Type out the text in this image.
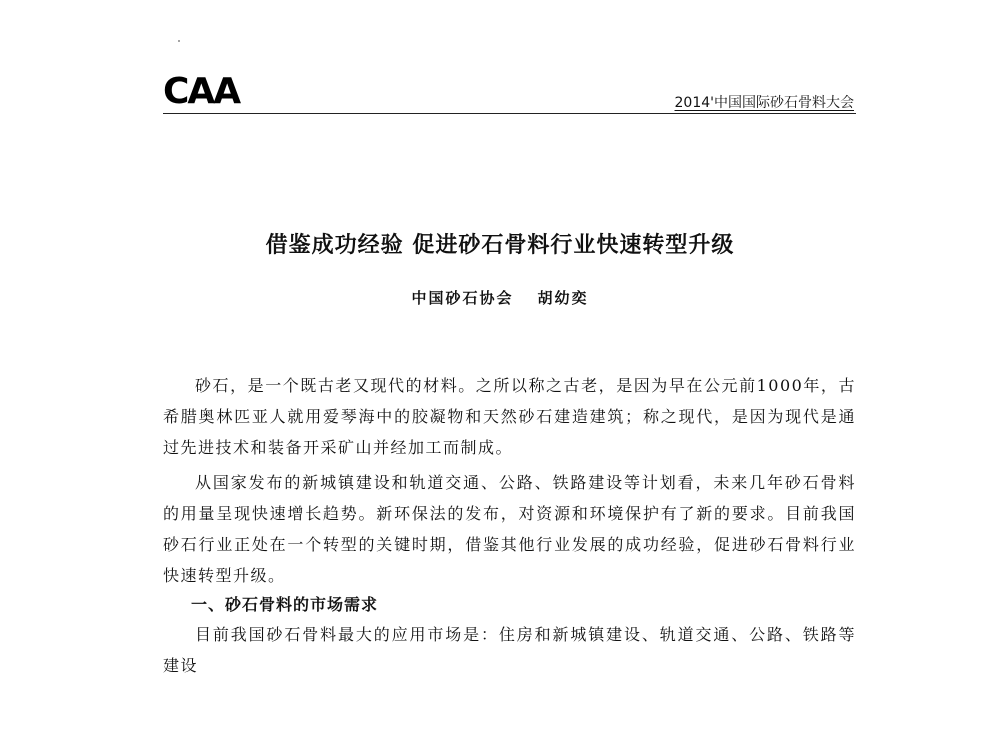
CAA	2014'中国国际砂石骨料大会
借鉴成功经验 促进砂石骨料行业快速转型升级
中国砂石协会 胡幼奕

砂石，是一个既古老又现代的材料。之所以称之古老，是因为早在公元前1000年，古希腊奥林匹亚人就用爱琴海中的胶凝物和天然砂石建造建筑；称之现代，是因为现代是通过先进技术和装备开采矿山并经加工而制成。

从国家发布的新城镇建设和轨道交通、公路、铁路建设等计划看，未来几年砂石骨料的用量呈现快速增长趋势。新环保法的发布，对资源和环境保护有了新的要求。目前我国砂石行业正处在一个转型的关键时期，借鉴其他行业发展的成功经验，促进砂石骨料行业快速转型升级。

一、砂石骨料的市场需求

目前我国砂石骨料最大的应用市场是：住房和新城镇建设、轨道交通、公路、铁路等建设
